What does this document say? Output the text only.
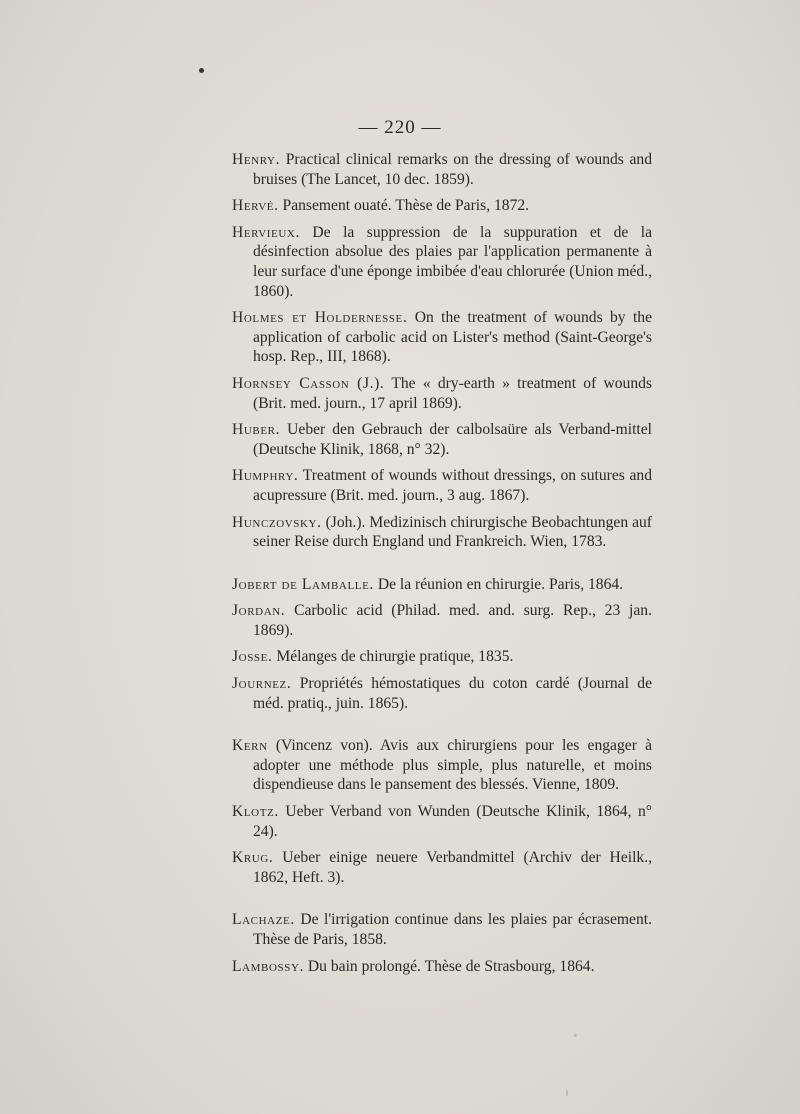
— 220 —

Henry. Practical clinical remarks on the dressing of wounds and bruises (The Lancet, 10 dec. 1859).

Hervé. Pansement ouaté. Thèse de Paris, 1872.

Hervieux. De la suppression de la suppuration et de la désinfection absolue des plaies par l'application permanente à leur surface d'une éponge imbibée d'eau chlorurée (Union méd., 1860).

Holmes et Holdernesse. On the treatment of wounds by the application of carbolic acid on Lister's method (Saint-George's hosp. Rep., III, 1868).

Hornsey Casson (J.). The « dry-earth » treatment of wounds (Brit. med. journ., 17 april 1869).

Huber. Ueber den Gebrauch der calbolsaüre als Verband-mittel (Deutsche Klinik, 1868, n° 32).

Humphry. Treatment of wounds without dressings, on sutures and acupressure (Brit. med. journ., 3 aug. 1867).

Hunczovsky. (Joh.). Medizinisch chirurgische Beobachtungen auf seiner Reise durch England und Frankreich. Wien, 1783.

Jobert de Lamballe. De la réunion en chirurgie. Paris, 1864.

Jordan. Carbolic acid (Philad. med. and. surg. Rep., 23 jan. 1869).

Josse. Mélanges de chirurgie pratique, 1835.

Journez. Propriétés hémostatiques du coton cardé (Journal de méd. pratiq., juin. 1865).

Kern (Vincenz von). Avis aux chirurgiens pour les engager à adopter une méthode plus simple, plus naturelle, et moins dispendieuse dans le pansement des blessés. Vienne, 1809.

Klotz. Ueber Verband von Wunden (Deutsche Klinik, 1864, n° 24).

Krug. Ueber einige neuere Verbandmittel (Archiv der Heilk., 1862, Heft. 3).

Lachaze. De l'irrigation continue dans les plaies par écrasement. Thèse de Paris, 1858.

Lambossy. Du bain prolongé. Thèse de Strasbourg, 1864.
